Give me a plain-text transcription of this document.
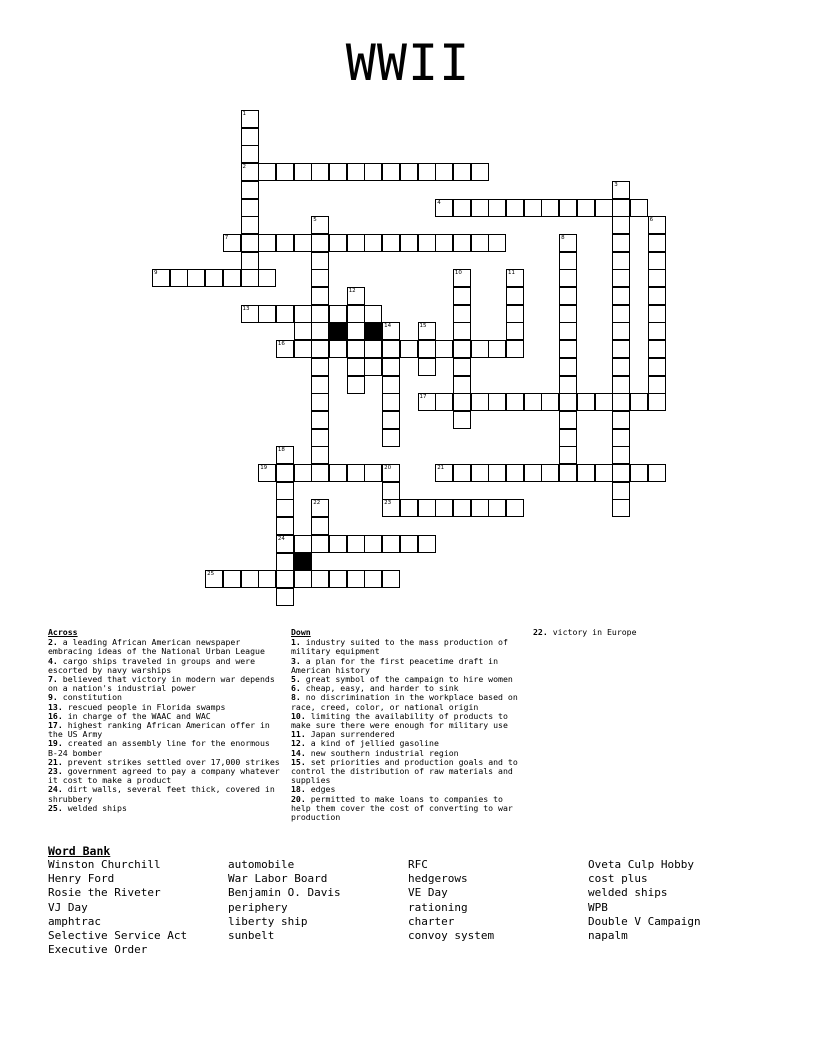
WWII
2
4
7
9
13
16
17
19	20	21
23
24
25
1
3
5	6
8
10	11
12
14	15
18
22
Across
2. a leading African American newspaper embracing ideas of the National Urban League
4. cargo ships traveled in groups and were escorted by navy warships
7. believed that victory in modern war depends on a nation's industrial power
9. constitution
13. rescued people in Florida swamps
16. in charge of the WAAC and WAC
17. highest ranking African American offer in the US Army
19. created an assembly line for the enormous B-24 bomber
21. prevent strikes settled over 17,000 strikes
23. government agreed to pay a company whatever it cost to make a product
24. dirt walls, several feet thick, covered in shrubbery
25. welded ships
Down
1. industry suited to the mass production of military equipment
3. a plan for the first peacetime draft in American history
5. great symbol of the campaign to hire women
6. cheap, easy, and harder to sink
8. no discrimination in the workplace based on race, creed, color, or national origin
10. limiting the availability of products to make sure there were enough for military use
11. Japan surrendered
12. a kind of jellied gasoline
14. new southern industrial region
15. set priorities and production goals and to control the distribution of raw materials and supplies
18. edges
20. permitted to make loans to companies to help them cover the cost of converting to war production
22. victory in Europe
Word Bank
Winston Churchill
Henry Ford
Rosie the Riveter
VJ Day
amphtrac
Selective Service Act
Executive Order
automobile
War Labor Board
Benjamin O. Davis
periphery
liberty ship
sunbelt
RFC
hedgerows
VE Day
rationing
charter
convoy system
Oveta Culp Hobby
cost plus
welded ships
WPB
Double V Campaign
napalm
